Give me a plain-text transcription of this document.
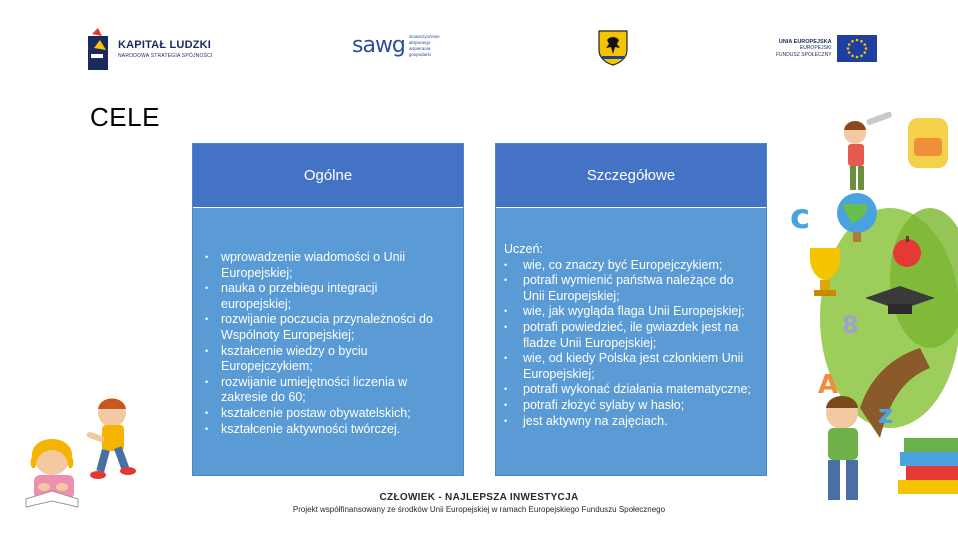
KAPITAŁ LUDZKI
NARODOWA STRATEGIA SPÓJNOŚCI	sawg stowarzyszenie
aktywnego
wspierania
gospodarki
UNIA EUROPEJSKA
EUROPEJSKI
FUNDUSZ SPOŁECZNY
CELE
Ogólne
•	wprowadzenie wiadomości o Unii Europejskiej;
•	nauka o przebiegu integracji europejskiej;
•	rozwijanie poczucia przynależności do Wspólnoty Europejskiej;
•	kształcenie wiedzy o byciu Europejczykiem;
•	rozwijanie umiejętności liczenia w zakresie do 60;
•	kształcenie postaw obywatelskich;
•	kształcenie aktywności twórczej.
Szczegółowe
Uczeń:
•	wie, co znaczy być Europejczykiem;
•	potrafi wymienić państwa należące do Unii Europejskiej;
•	wie, jak wygląda flaga Unii Europejskiej;
•	potrafi powiedzieć, ile gwiazdek jest na fladze Unii Europejskiej;
•	wie, od kiedy Polska jest członkiem Unii Europejskiej;
•	potrafi wykonać działania matematyczne;
•	potrafi złożyć sylaby w hasło;
•	jest aktywny na zajęciach.
c
8
A
z
CZŁOWIEK - NAJLEPSZA INWESTYCJA
Projekt współfinansowany ze środków Unii Europejskiej w ramach Europejskiego Funduszu Społecznego
